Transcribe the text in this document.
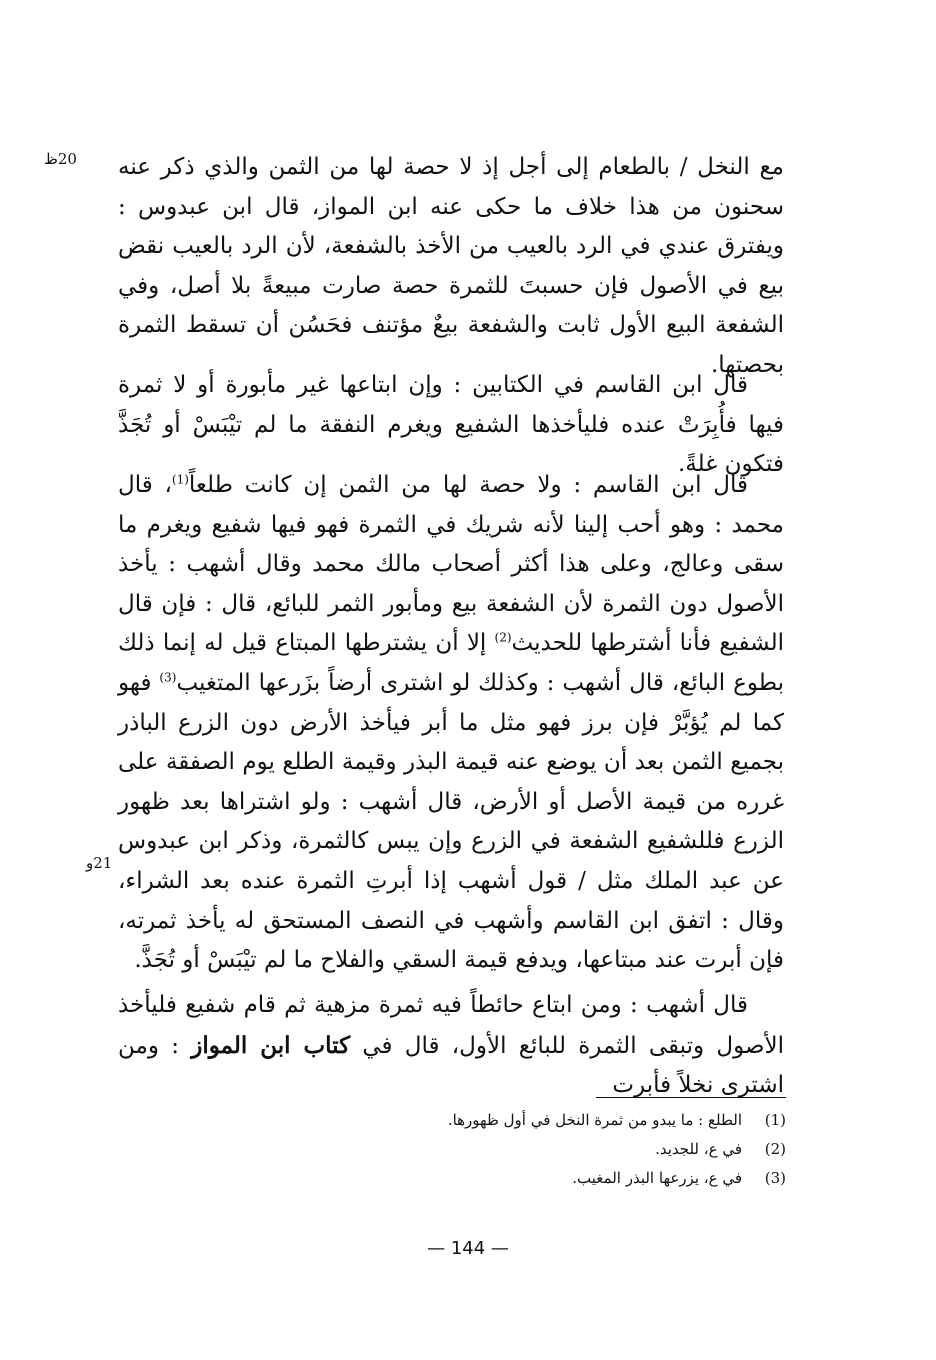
20ظ
21و

مع النخل / بالطعام إلى أجل إذ لا حصة لها من الثمن والذي ذكر عنه سحنون من هذا خلاف ما حكى عنه ابن المواز، قال ابن عبدوس : ويفترق عندي في الرد بالعيب من الأخذ بالشفعة، لأن الرد بالعيب نقض بيع في الأصول فإن حسبتَ للثمرة حصة صارت مبيعةً بلا أصل، وفي الشفعة البيع الأول ثابت والشفعة بيعٌ مؤتنف فحَسُن أن تسقط الثمرة بحصتها.

قال ابن القاسم في الكتابين : وإن ابتاعها غير مأبورة أو لا ثمرة فيها فأُبِرَتْ عنده فليأخذها الشفيع ويغرم النفقة ما لم تيْبَسْ أو تُجَذَّ فتكون غلةً.

قال ابن القاسم : ولا حصة لها من الثمن إن كانت طلعاً$^{(1)}$، قال محمد : وهو أحب إلينا لأنه شريك في الثمرة فهو فيها شفيع ويغرم ما سقى وعالج، وعلى هذا أكثر أصحاب مالك محمد وقال أشهب : يأخذ الأصول دون الثمرة لأن الشفعة بيع ومأبور الثمر للبائع، قال : فإن قال الشفيع فأنا أشترطها للحديث$^{(2)}$ إلا أن يشترطها المبتاع قيل له إنما ذلك بطوع البائع، قال أشهب : وكذلك لو اشترى أرضاً بزَرعها المتغيب$^{(3)}$ فهو كما لم يُؤبَّرْ فإن برز فهو مثل ما أبر فيأخذ الأرض دون الزرع الباذر بجميع الثمن بعد أن يوضع عنه قيمة البذر وقيمة الطلع يوم الصفقة على غرره من قيمة الأصل أو الأرض، قال أشهب : ولو اشتراها بعد ظهور الزرع فللشفيع الشفعة في الزرع وإن يبس كالثمرة، وذكر ابن عبدوس عن عبد الملك مثل / قول أشهب إذا أبرتِ الثمرة عنده بعد الشراء، وقال : اتفق ابن القاسم وأشهب في النصف المستحق له يأخذ ثمرته، فإن أبرت عند مبتاعها، ويدفع قيمة السقي والفلاح ما لم تيْبَسْ أو تُجَذَّ.

قال أشهب : ومن ابتاع حائطاً فيه ثمرة مزهية ثم قام شفيع فليأخذ الأصول وتبقى الثمرة للبائع الأول، قال في كتاب ابن المواز : ومن اشترى نخلاً فأبرت

(1)
الطلع : ما يبدو من ثمرة النخل في أول ظهورها.
(2)
في ع، للجديد.
(3)
في ع، يزرعها البذر المغيب.
— 144 —
